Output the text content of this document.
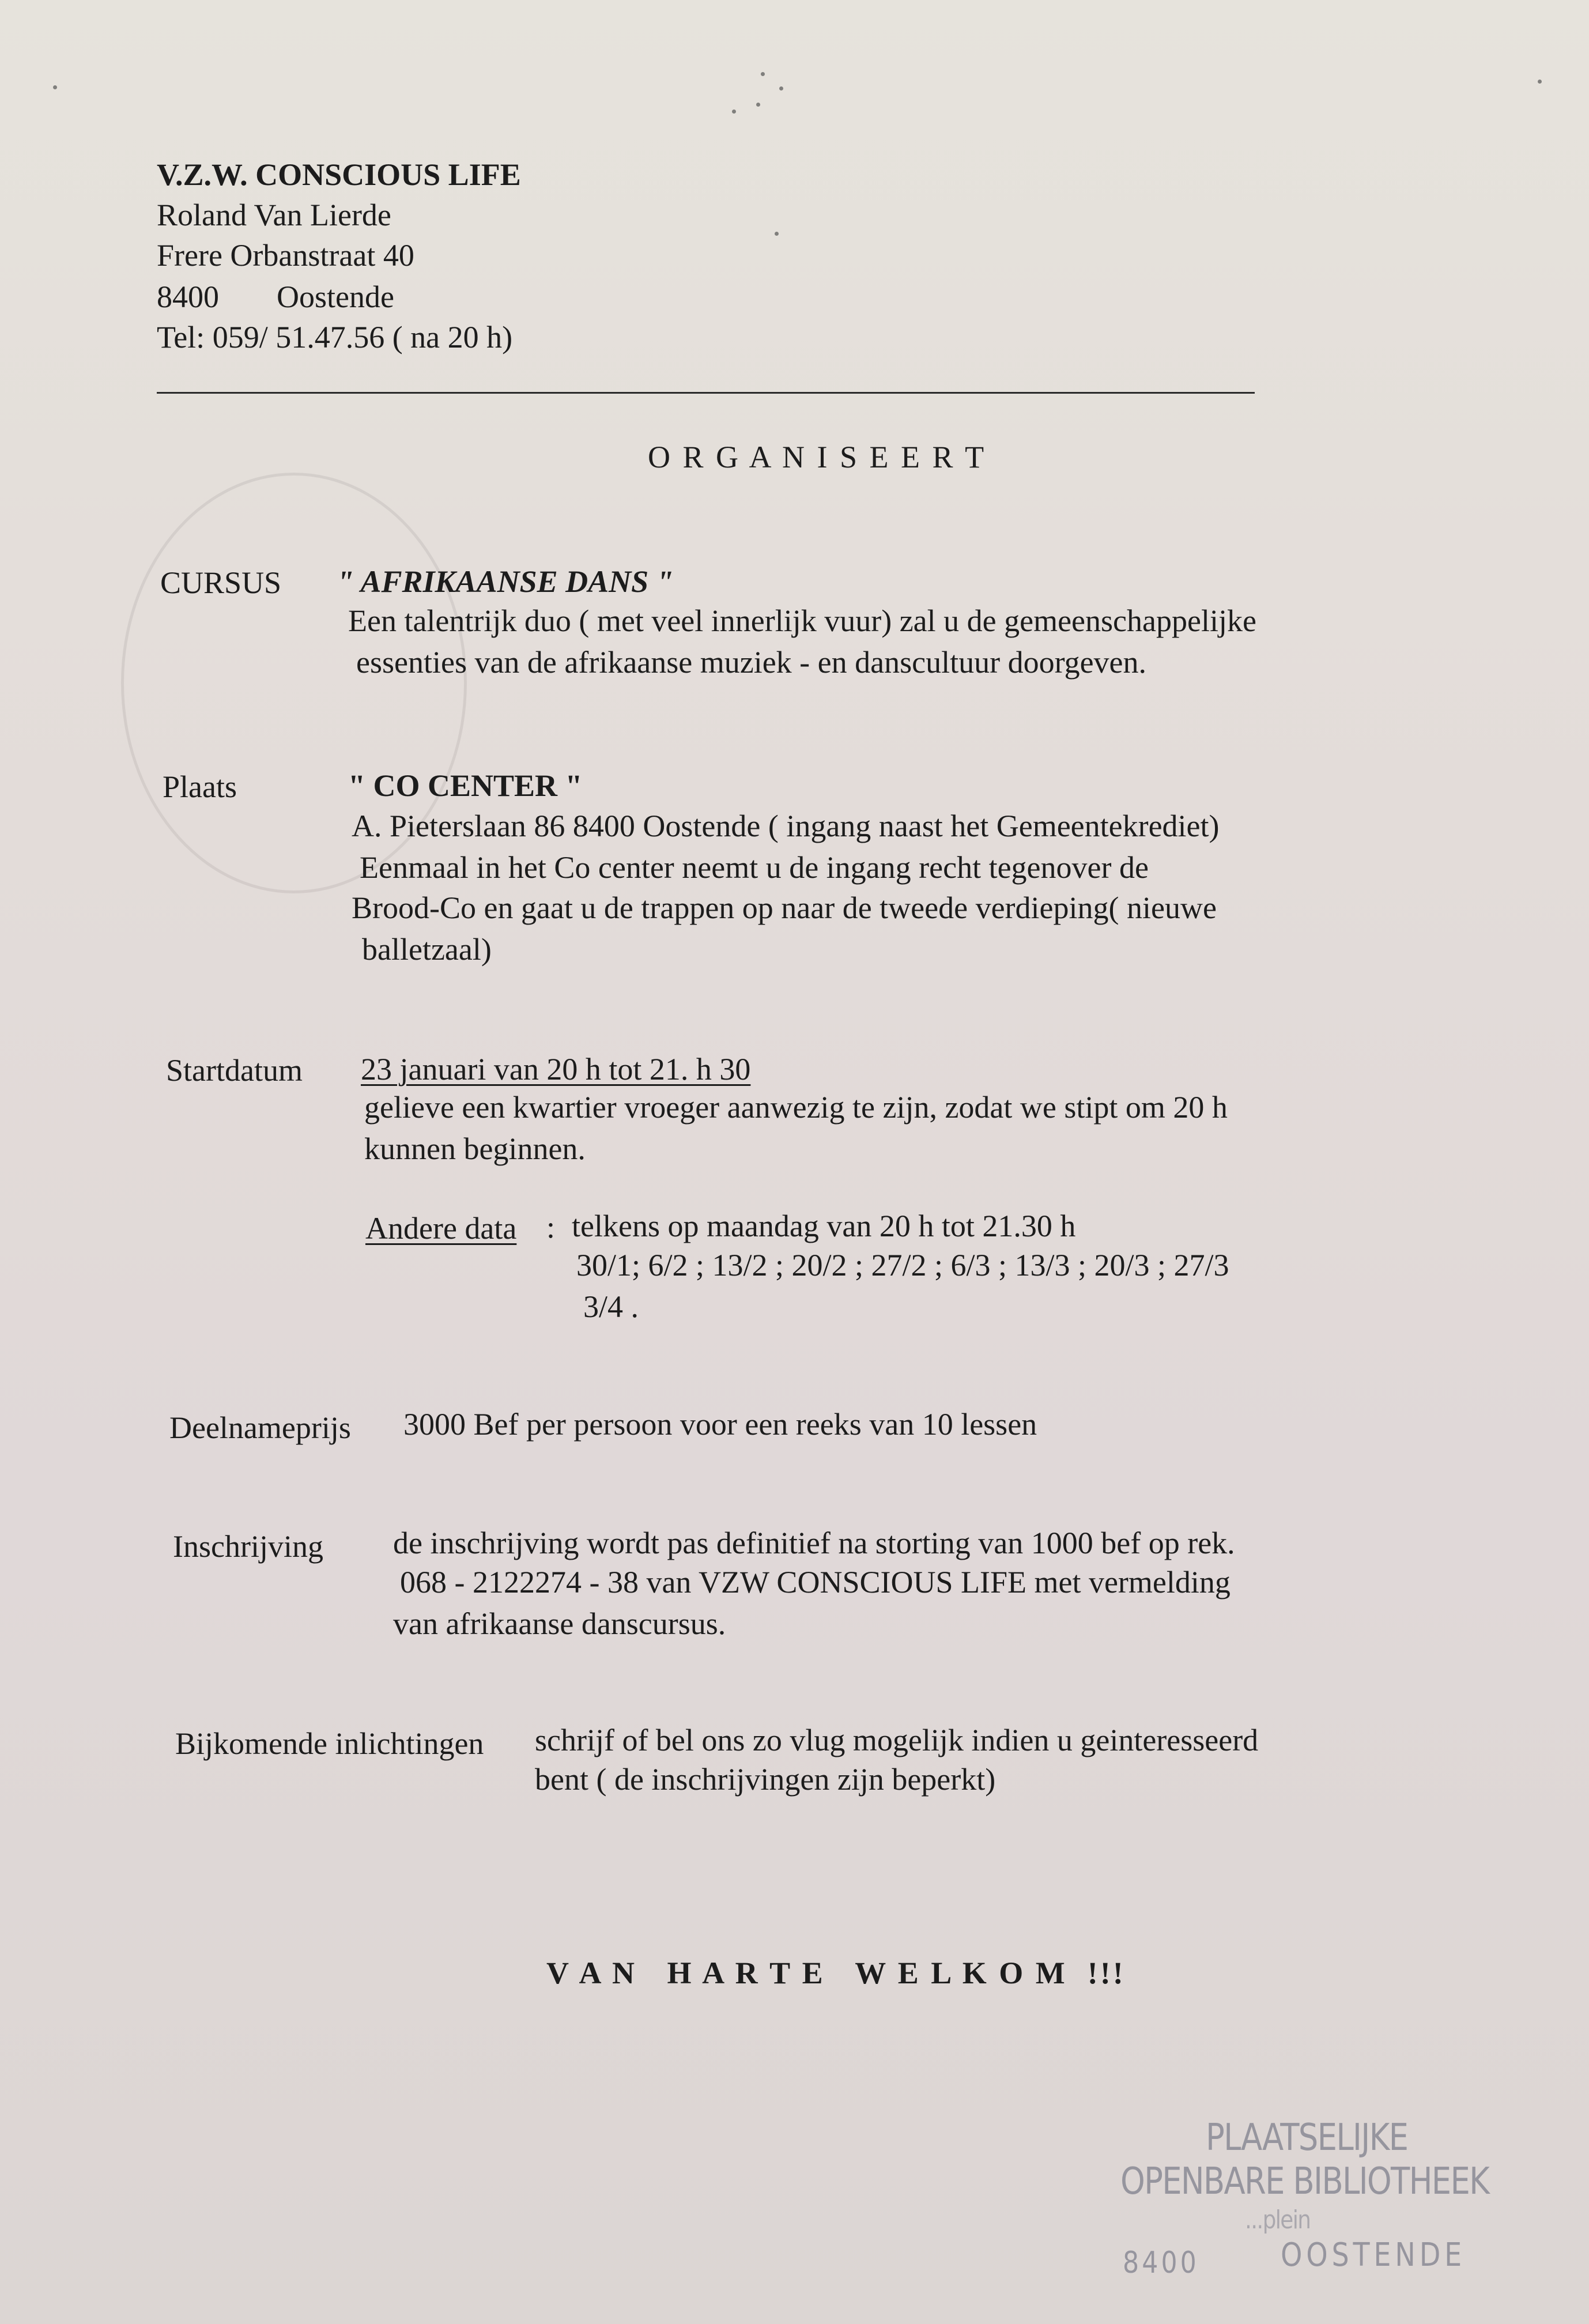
V.Z.W. CONSCIOUS LIFE
Roland Van Lierde
Frere Orbanstraat 40
8400 Oostende
Tel: 059/ 51.47.56 ( na 20 h)
O R G A N I S E E R T
CURSUS " AFRIKAANSE DANS "
Een talentrijk duo ( met veel innerlijk vuur) zal u de gemeenschappelijke
essenties van de afrikaanse muziek - en danscultuur doorgeven.
Plaats	" CO CENTER "
A. Pieterslaan 86 8400 Oostende ( ingang naast het Gemeentekrediet)
Eenmaal in het Co center neemt u de ingang recht tegenover de
Brood-Co en gaat u de trappen op naar de tweede verdieping( nieuwe
balletzaal)
Startdatum 23 januari van 20 h tot 21. h 30
gelieve een kwartier vroeger aanwezig te zijn, zodat we stipt om 20 h
kunnen beginnen.
Andere data : telkens op maandag van 20 h tot 21.30 h
30/1; 6/2 ; 13/2 ; 20/2 ; 27/2 ; 6/3 ; 13/3 ; 20/3 ; 27/3
3/4 .
Deelnameprijs 3000 Bef per persoon voor een reeks van 10 lessen
Inschrijving de inschrijving wordt pas definitief na storting van 1000 bef op rek.
068 - 2122274 - 38 van VZW CONSCIOUS LIFE met vermelding
van afrikaanse danscursus.
Bijkomende inlichtingen schrijf of bel ons zo vlug mogelijk indien u geinteresseerd
bent ( de inschrijvingen zijn beperkt)
V A N   H A R T E   W E L K O M  !!!
PLAATSELIJKE
OPENBARE BIBLIOTHEEK
...plein
8400	OOSTENDE
